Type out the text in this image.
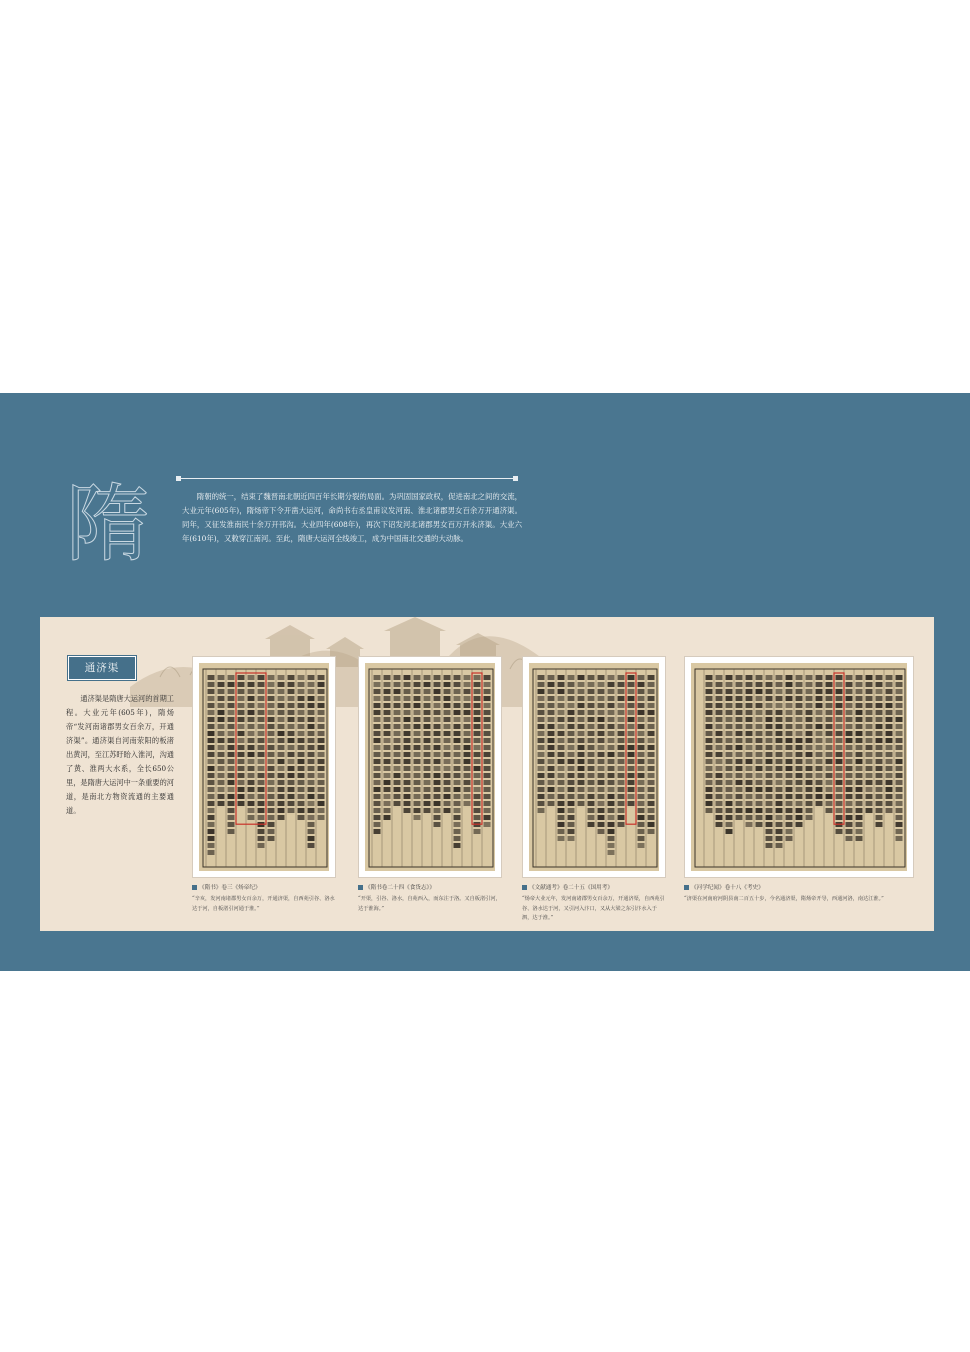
隋	隋朝的统一，结束了魏晋南北朝近四百年长期分裂的局面。为巩固国家政权，促进南北之间的交流，大业元年(605年)，隋炀帝下令开凿大运河，命尚书右丞皇甫议发河南、淮北诸郡男女百余万开通济渠。同年，又征发淮南民十余万开邗沟。大业四年(608年)，再次下诏发河北诸郡男女百万开永济渠。大业六年(610年)，又敕穿江南河。至此，隋唐大运河全线竣工，成为中国南北交通的大动脉。
通济渠
通济渠是隋唐大运河的首期工程。大业元年(605年)，隋炀帝“发河南诸郡男女百余万，开通济渠”。通济渠自河南荥阳的板渚出黄河，至江苏盱眙入淮河，沟通了黄、淮两大水系，全长650公里，是隋唐大运河中一条重要的河道，是南北方物资流通的主要通道。
《隋书》卷三《炀帝纪》
“辛亥，发河南诸郡男女百余万，开通济渠，自西苑引谷、洛水达于河，自板渚引河通于淮。”
《隋书卷二十四《食货志》》
“开渠，引谷、洛水，自苑西入，而东注于洛。又自板渚引河，达于淮海。”
《文献通考》卷二十五《国用考》
“炀帝大业元年，发河南诸郡男女百余万，开通济渠，自西苑引谷、洛水达于河，又引河入汴口，又从大梁之东引汴水入于泗，达于淮。”
《河学纪闻》卷十八《考史》
“济渠在河南府河阴县南二百五十步，今名通济渠，隋炀帝开导，西通河洛，南达江淮。”
